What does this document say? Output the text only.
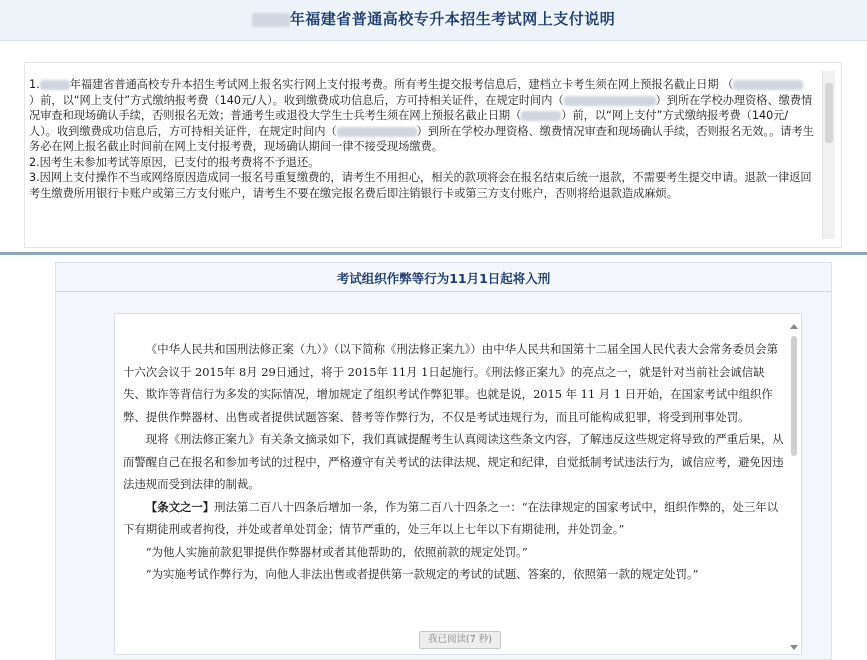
年福建省普通高校专升本招生考试网上支付说明

1.	年福建省普通高校专升本招生考试网上报名实行网上支付报考费。所有考生提交报考信息后，建档立卡考生须在网上预报名截止日期 （）前，以“网上支付”方式缴纳报考费（140元/人）。收到缴费成功信息后，方可持相关证件，在规定时间内（	）到所在学校办理资格、缴费情况审查和现场确认手续，否则报名无效；普通考生或退役大学生士兵考生须在网上预报名截止日期（	）前，以“网上支付”方式缴纳报考费（140元/人）。收到缴费成功信息后，方可持相关证件，在规定时间内（	）到所在学校办理资格、缴费情况审查和现场确认手续，否则报名无效。。请考生务必在网上报名截止时间前在网上支付报考费，现场确认期间一律不接受现场缴费。

2.因考生未参加考试等原因，已支付的报考费将不予退还。

3.因网上支付操作不当或网络原因造成同一报名号重复缴费的，请考生不用担心，相关的款项将会在报名结束后统一退款，不需要考生提交申请。退款一律返回考生缴费所用银行卡账户或第三方支付账户，请考生不要在缴完报名费后即注销银行卡或第三方支付账户，否则将给退款造成麻烦。

考试组织作弊等行为11月1日起将入刑

《中华人民共和国刑法修正案（九）》（以下简称《刑法修正案九》）由中华人民共和国第十二届全国人民代表大会常务委员会第十六次会议于 2015年 8月 29日通过，将于 2015年 11月 1日起施行。《刑法修正案九》的亮点之一，就是针对当前社会诚信缺失、欺诈等背信行为多发的实际情况，增加规定了组织考试作弊犯罪。也就是说，2015 年 11 月 1 日开始，在国家考试中组织作弊、提供作弊器材、出售或者提供试题答案、替考等作弊行为，不仅是考试违规行为，而且可能构成犯罪，将受到刑事处罚。

现将《刑法修正案九》有关条文摘录如下，我们真诚提醒考生认真阅读这些条文内容，了解违反这些规定将导致的严重后果，从而警醒自己在报名和参加考试的过程中，严格遵守有关考试的法律法规、规定和纪律，自觉抵制考试违法行为，诚信应考，避免因违法违规而受到法律的制裁。

【条文之一】刑法第二百八十四条后增加一条，作为第二百八十四条之一：“在法律规定的国家考试中，组织作弊的，处三年以下有期徒刑或者拘役，并处或者单处罚金；情节严重的，处三年以上七年以下有期徒刑，并处罚金。”

“为他人实施前款犯罪提供作弊器材或者其他帮助的，依照前款的规定处罚。”

“为实施考试作弊行为，向他人非法出售或者提供第一款规定的考试的试题、答案的，依照第一款的规定处罚。”

我已阅读(7 秒)
